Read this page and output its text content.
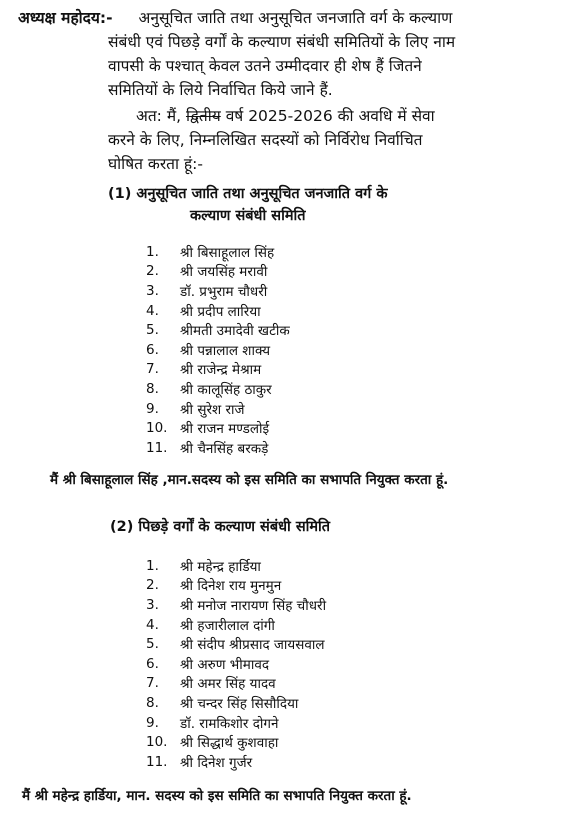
अध्यक्ष महोदय:- अनुसूचित जाति तथा अनुसूचित जनजाति वर्ग के कल्याण
संबंधी एवं पिछड़े वर्गों के कल्याण संबंधी समितियों के लिए नाम
वापसी के पश्चात् केवल उतने उम्मीदवार ही शेष हैं जितने
समितियों के लिये निर्वाचित किये जाने हैं.
अत: मैं, द्वितीय वर्ष 2025-2026 की अवधि में सेवा
करने के लिए, निम्नलिखित सदस्यों को निर्विरोध निर्वाचित
घोषित करता हूं:-
(1) अनुसूचित जाति तथा अनुसूचित जनजाति वर्ग के
कल्याण संबंधी समिति
1.	श्री बिसाहूलाल सिंह
2.	श्री जयसिंह मरावी
3.	डॉ. प्रभुराम चौधरी
4.	श्री प्रदीप लारिया
5.	श्रीमती उमादेवी खटीक
6.	श्री पन्नालाल शाक्य
7.	श्री राजेन्द्र मेश्राम
8.	श्री कालूसिंह ठाकुर
9.	श्री सुरेश राजे
10. श्री राजन मण्डलोई
11. श्री चैनसिंह बरकड़े
मैं श्री बिसाहूलाल सिंह ,मान.सदस्य को इस समिति का सभापति नियुक्त करता हूं.
(2) पिछड़े वर्गों के कल्याण संबंधी समिति
1.	श्री महेन्द्र हार्डिया
2.	श्री दिनेश राय मुनमुन
3.	श्री मनोज नारायण सिंह चौधरी
4.	श्री हजारीलाल दांगी
5.	श्री संदीप श्रीप्रसाद जायसवाल
6.	श्री अरुण भीमावद
7.	श्री अमर सिंह यादव
8.	श्री चन्दर सिंह सिसौदिया
9.	डॉ. रामकिशोर दोगने
10. श्री सिद्धार्थ कुशवाहा
11. श्री दिनेश गुर्जर
मैं श्री महेन्द्र हार्डिया, मान. सदस्य को इस समिति का सभापति नियुक्त करता हूं.
